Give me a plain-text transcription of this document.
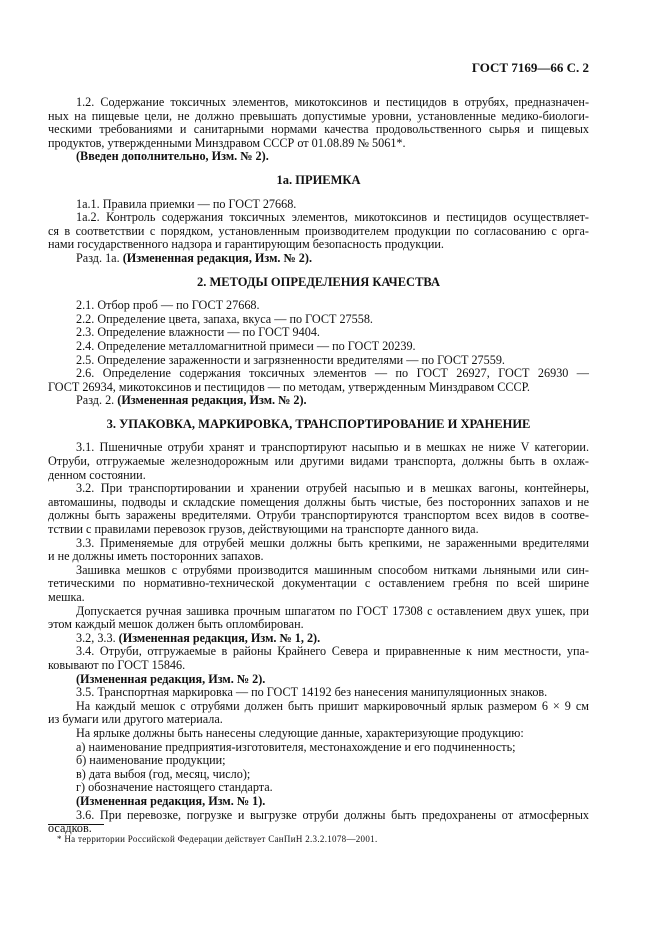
ГОСТ 7169—66 С. 2
1.2. Содержание токсичных элементов, микотоксинов и пестицидов в отрубях, предназначен-
ных на пищевые цели, не должно превышать допустимые уровни, установленные медико-биологи-
ческими требованиями и санитарными нормами качества продовольственного сырья и пищевых
продуктов, утвержденными Минздравом СССР от 01.08.89 № 5061*.
(Введен дополнительно, Изм. № 2).
1а. ПРИЕМКА
1а.1. Правила приемки — по ГОСТ 27668.
1а.2. Контроль содержания токсичных элементов, микотоксинов и пестицидов осуществляет-
ся в соответствии с порядком, установленным производителем продукции по согласованию с орга-
нами государственного надзора и гарантирующим безопасность продукции.
Разд. 1а. (Измененная редакция, Изм. № 2).
2. МЕТОДЫ ОПРЕДЕЛЕНИЯ КАЧЕСТВА
2.1. Отбор проб — по ГОСТ 27668.
2.2. Определение цвета, запаха, вкуса — по ГОСТ 27558.
2.3. Определение влажности — по ГОСТ 9404.
2.4. Определение металломагнитной примеси — по ГОСТ 20239.
2.5. Определение зараженности и загрязненности вредителями — по ГОСТ 27559.
2.6. Определение содержания токсичных элементов — по ГОСТ 26927, ГОСТ 26930 —
ГОСТ 26934, микотоксинов и пестицидов — по методам, утвержденным Минздравом СССР.
Разд. 2. (Измененная редакция, Изм. № 2).
3. УПАКОВКА, МАРКИРОВКА, ТРАНСПОРТИРОВАНИЕ И ХРАНЕНИЕ
3.1. Пшеничные отруби хранят и транспортируют насыпью и в мешках не ниже V категории.
Отруби, отгружаемые железнодорожным или другими видами транспорта, должны быть в охлаж-
денном состоянии.
3.2. При транспортировании и хранении отрубей насыпью и в мешках вагоны, контейнеры,
автомашины, подводы и складские помещения должны быть чистые, без посторонних запахов и не
должны быть заражены вредителями. Отруби транспортируются транспортом всех видов в соотве-
тствии с правилами перевозок грузов, действующими на транспорте данного вида.
3.3. Применяемые для отрубей мешки должны быть крепкими, не зараженными вредителями
и не должны иметь посторонних запахов.
Зашивка мешков с отрубями производится машинным способом нитками льняными или син-
тетическими по нормативно-технической документации с оставлением гребня по всей ширине
мешка.
Допускается ручная зашивка прочным шпагатом по ГОСТ 17308 с оставлением двух ушек, при
этом каждый мешок должен быть опломбирован.
3.2, 3.3. (Измененная редакция, Изм. № 1, 2).
3.4. Отруби, отгружаемые в районы Крайнего Севера и приравненные к ним местности, упа-
ковывают по ГОСТ 15846.
(Измененная редакция, Изм. № 2).
3.5. Транспортная маркировка — по ГОСТ 14192 без нанесения манипуляционных знаков.
На каждый мешок с отрубями должен быть пришит маркировочный ярлык размером 6 × 9 см
из бумаги или другого материала.
На ярлыке должны быть нанесены следующие данные, характеризующие продукцию:
а) наименование предприятия-изготовителя, местонахождение и его подчиненность;
б) наименование продукции;
в) дата выбоя (год, месяц, число);
г) обозначение настоящего стандарта.
(Измененная редакция, Изм. № 1).
3.6. При перевозке, погрузке и выгрузке отруби должны быть предохранены от атмосферных
осадков.
* На территории Российской Федерации действует СанПиН 2.3.2.1078—2001.
